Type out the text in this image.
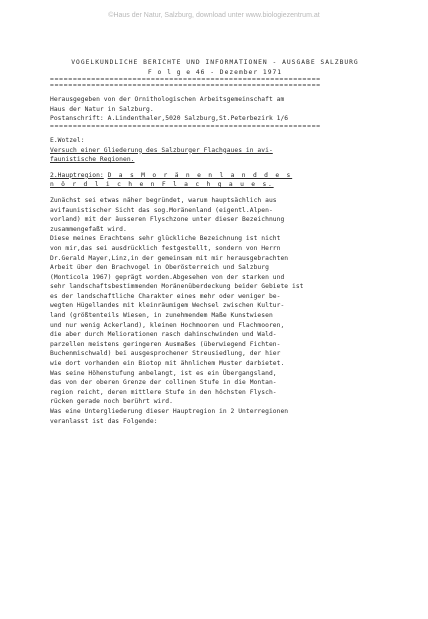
©Haus der Natur, Salzburg, download unter www.biologiezentrum.at
VOGELKUNDLICHE BERICHTE UND INFORMATIONEN - AUSGABE SALZBURG
F o l g e 46 - Dezember 1971
===========================================================
===========================================================
Herausgegeben von der Ornithologischen Arbeitsgemeinschaft am
Haus der Natur in Salzburg.
Postanschrift: A.Lindenthaler,5020 Salzburg,St.Peterbezirk 1/6
===========================================================
E.Wotzel:
Versuch einer Gliederung des Salzburger Flachgaues in avi-
faunistische Regionen.
2.Hauptregion: D a s M o r ä n e n l a n d d e s
n ö r d l i c h e n F l a c h g a u e s.
Zunächst sei etwas näher begründet, warum hauptsächlich aus
avifaunistischer Sicht das sog.Moränenland (eigentl.Alpen-
vorland) mit der äusseren Flyschzone unter dieser Bezeichnung
zusammengefaßt wird.
Diese meines Erachtens sehr glückliche Bezeichnung ist nicht
von mir,das sei ausdrücklich festgestellt, sondern von Herrn
Dr.Gerald Mayer,Linz,in der gemeinsam mit mir herausgebrachten
Arbeit über den Brachvogel in Oberösterreich und Salzburg
(Monticola 1967) geprägt worden.Abgesehen von der starken und
sehr landschaftsbestimmenden Moränenüberdeckung beider Gebiete ist
es der landschaftliche Charakter eines mehr oder weniger be-
wegten Hügellandes mit kleinräumigem Wechsel zwischen Kultur-
land (größtenteils Wiesen, in zunehmendem Maße Kunstwiesen
und nur wenig Ackerland), kleinen Hochmooren und Flachmooren,
die aber durch Meliorationen rasch dahinschwinden und Wald-
parzellen meistens geringeren Ausmaßes (überwiegend Fichten-
Buchenmischwald) bei ausgesprochener Streusiedlung, der hier
wie dort vorhanden ein Biotop mit ähnlichem Muster darbietet.
Was seine Höhenstufung anbelangt, ist es ein Übergangsland,
das von der oberen Grenze der collinen Stufe in die Montan-
region reicht, deren mittlere Stufe in den höchsten Flysch-
rücken gerade noch berührt wird.
Was eine Untergliederung dieser Hauptregion in 2 Unterregionen
veranlasst ist das Folgende:
